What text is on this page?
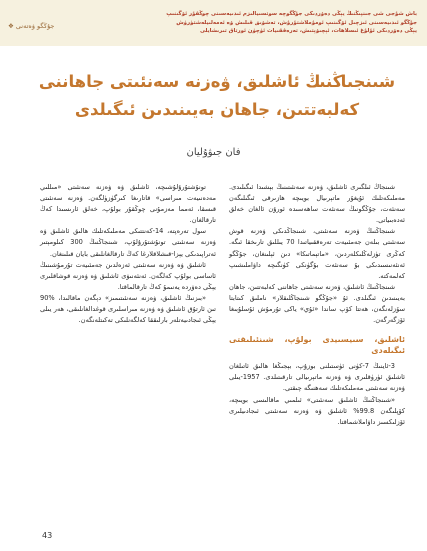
جۇڭگو ۋەتەنى ❖
باش شۇجى شى جىنپىڭنىڭ يېڭى دەۋردىكى جۇڭگوچە سوتسىيالىزم ئىدىيەسىنى چوڭقۇر ئۆگىنىپ
جۇڭگو ئىدىيەسىنى ئىزچىل ئۆگىنىپ ئومۇملاشتۇرۇش، تەشۋىق قىلىش ۋە ئەمەلىيلەشتۈرۈش
يېڭى دەۋردىكى ئۇلۇغ ئىسلاھات، ئېچىۋېتىش، تەرەققىيات ئۈچۈن ئورتاق تىرىشايلى
شىنجىاڭنىڭ ئاشلىق، ۋەزنە سەنئىتى جاھاننى كەلبەتتىن، جاھان بەيىنىدىن ئىگىلدى
فان جىۋۇليان

شىنجاڭ ئىلگىرى ئاشلىق، ۋەزنە سەنئىتىنىڭ بېشىدا ئىگىلىدى. مەملىكەتلىك ئۇيغۇر ماتېرىيال بويىچە ھازىرقى ئىگىلىگەن سەنئەت، جۇڭگونىڭ سەنئەت ساھەسىدە ئورۇن ئالغان خەلق ئەدەبىياتى.

شىنجاڭنىڭ ۋەزنە سەنئىتى، شىنجاڭدىكى ۋەزنە قوش سەنئىتى بىلەن جەمئىيەت تەرەققىياتىدا 70 يىللىق تارىخقا ئىگە. كەڭرى تۈزلەڭلىكلەردىن، «ماتېماتىكا» دىن ئېلىنغان، جۇڭگو ئەنئەنىسىدىكى بۇ سەنئەت بۇگۈنكى كۈنگىچە داۋاملىشىپ كەلمەكتە.

شىنجاڭنىڭ ئاشلىق، ۋەزنە سەنئىتى جاھاننى كەلبەتتىن، جاھان بەيىنىدىن ئىگىلدى. ئۇ «جۇڭگو شىنجاڭلىقلار» ناملىق كىتابتا سۆزلەنگەن، ھەتتا كۆپ ساندا «ئۇي» ياكى تۇرمۇش ئۇسلۇبىغا ئۆزگەرگەن.

ئاشلىق، سىيسىيدى بولۇپ، شىنئىلىقتى ئىگىلەدى

3-ئاينىڭ 7-كۈنى ئۈستىلنى بوزۇپ، بېجىڭغا ھالىق ئاتىلغان ئاشلىق ئۈرۈقلىرى ۋە ۋەزنە ماتېرىيالى تارقىتىلدى. 1957-يىلى ۋەزنە سەنئىتى مەملىكەتلىك سەھنىگە چىقتى.

«شىنجاڭنىڭ ئاشلىق سەنئىتى» ئىلمىي ماقالىسى بويىچە، كۆپلىگەن 99.8% ئاشلىق ۋە ۋەزنە سەنئىتى ئىجادىيلىرى ئۆزلىكسىز داۋاملاشماقتا.

تونۇشتۇرۇلۇشىچە، ئاشلىق ۋە ۋەزنە سەنئىتى «مىللىي مەدەنىيەت مىراسى» قاتارىغا كىرگۈزۈلگەن. ۋەزنە سەنئىتى قىسقا، ئەمما مەزمۇنى چوڭقۇر بولۇپ، خەلق ئارىسىدا كەڭ تارقالغان.

سول تەرەپتە، 14-كەنتتىكى مەملىكەتلىك ھالىق ئاشلىق ۋە ۋەزنە سەنئىتى تونۇشتۇرۇلۇپ، شىنجاڭنىڭ 300 كىلومېتىر ئەتراپىدىكى يېزا-قىشلاقلارغا كەڭ تارقالغانلىقى بايان قىلىنغان.

ئاشلىق ۋە ۋەزنە سەنئىتى ئەزەلدىن جەمئىيەت تۇرمۇشىنىڭ ئاساسى بولۇپ كەلگەن. ئەنئەنىۋى ئاشلىق ۋە ۋەزنە قوشاقلىرى يېڭى دەۋردە يەنىمۇ كەڭ تارقالماقتا.

«بىزنىڭ ئاشلىق، ۋەزنە سەنئىتىمىز» دېگەن ماقالىدا، %90 تىن ئارتۇق ئاشلىق ۋە ۋەزنە مىراسلىرى قوغدالغانلىقى، ھەر يىلى يېڭى ئىجادىيەتلەر بارلىققا كەلگەنلىكى تەكىتلەنگەن.

43
